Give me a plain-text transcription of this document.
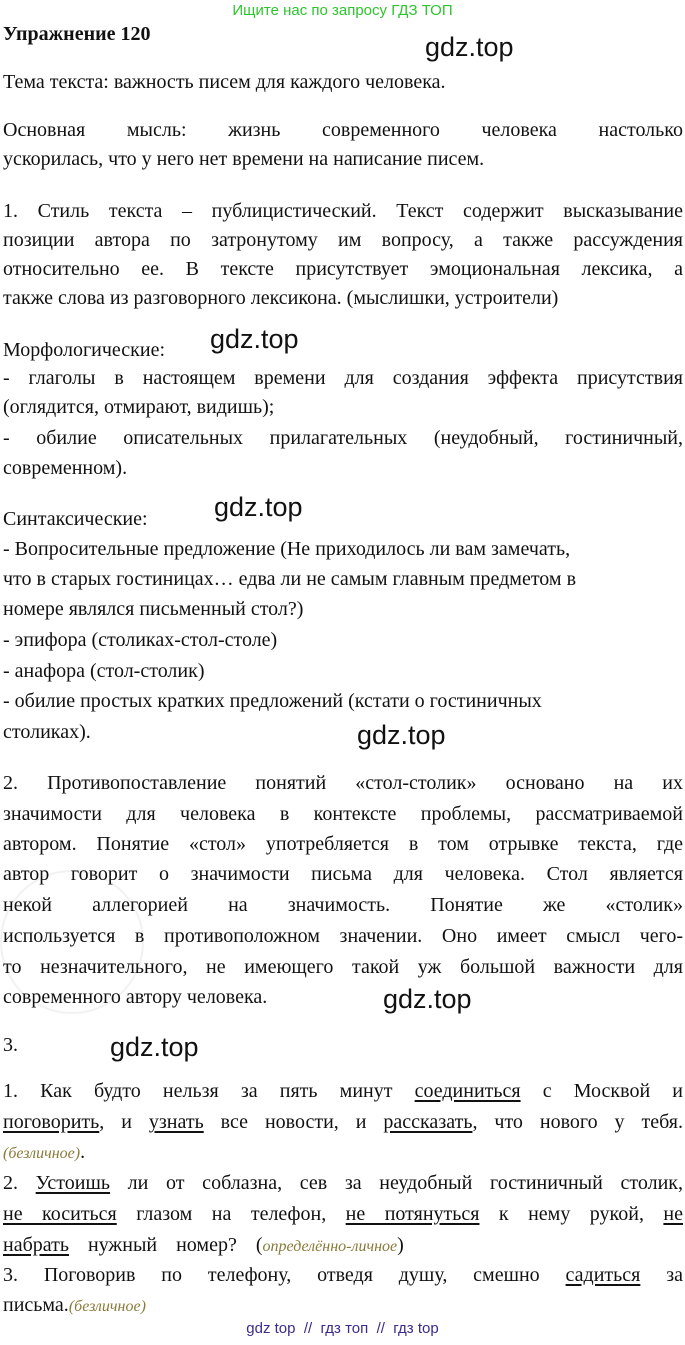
Ищите нас по запросу ГДЗ ТОП
Упражнение 120	gdz.top
gdz.top
gdz.top
gdz.top
gdz.top
gdz.top
Тема текста: важность писем для каждого человека.
Основная мысль: жизнь современного человека настолько
ускорилась, что у него нет времени на написание писем.
1. Стиль текста – публицистический. Текст содержит высказывание
позиции автора по затронутому им вопросу, а также рассуждения
относительно ее. В тексте присутствует эмоциональная лексика, а
также слова из разговорного лексикона. (мыслишки, устроители)
Морфологические:
- глаголы в настоящем времени для создания эффекта присутствия
(оглядится, отмирают, видишь);
- обилие описательных прилагательных (неудобный, гостиничный,
современном).
Синтаксические:
- Вопросительные предложение (Не приходилось ли вам замечать,
что в старых гостиницах… едва ли не самым главным предметом в
номере являлся письменный стол?)
- эпифора (столиках-стол-столе)
- анафора (стол-столик)
- обилие простых кратких предложений (кстати о гостиничных
столиках).
2. Противопоставление понятий «стол-столик» основано на их
значимости для человека в контексте проблемы, рассматриваемой
автором. Понятие «стол» употребляется в том отрывке текста, где
автор говорит о значимости письма для человека. Стол является
некой аллегорией на значимость. Понятие же «столик»
используется в противоположном значении. Оно имеет смысл чего-
то незначительного, не имеющего такой уж большой важности для
современного автору человека.
3.
1. Как будто нельзя за пять минут соединиться с Москвой и
поговорить, и узнать все новости, и рассказать, что нового у тебя.
(безличное).
2. Устоишь ли от соблазна, сев за неудобный гостиничный столик,
не коситься глазом на телефон, не потянуться к нему рукой, не
набрать нужный номер? (определённо-личное)
3. Поговорив по телефону, отведя душу, смешно садиться за
письма.(безличное)
gdz top  //  гдз топ  //  гдз top
